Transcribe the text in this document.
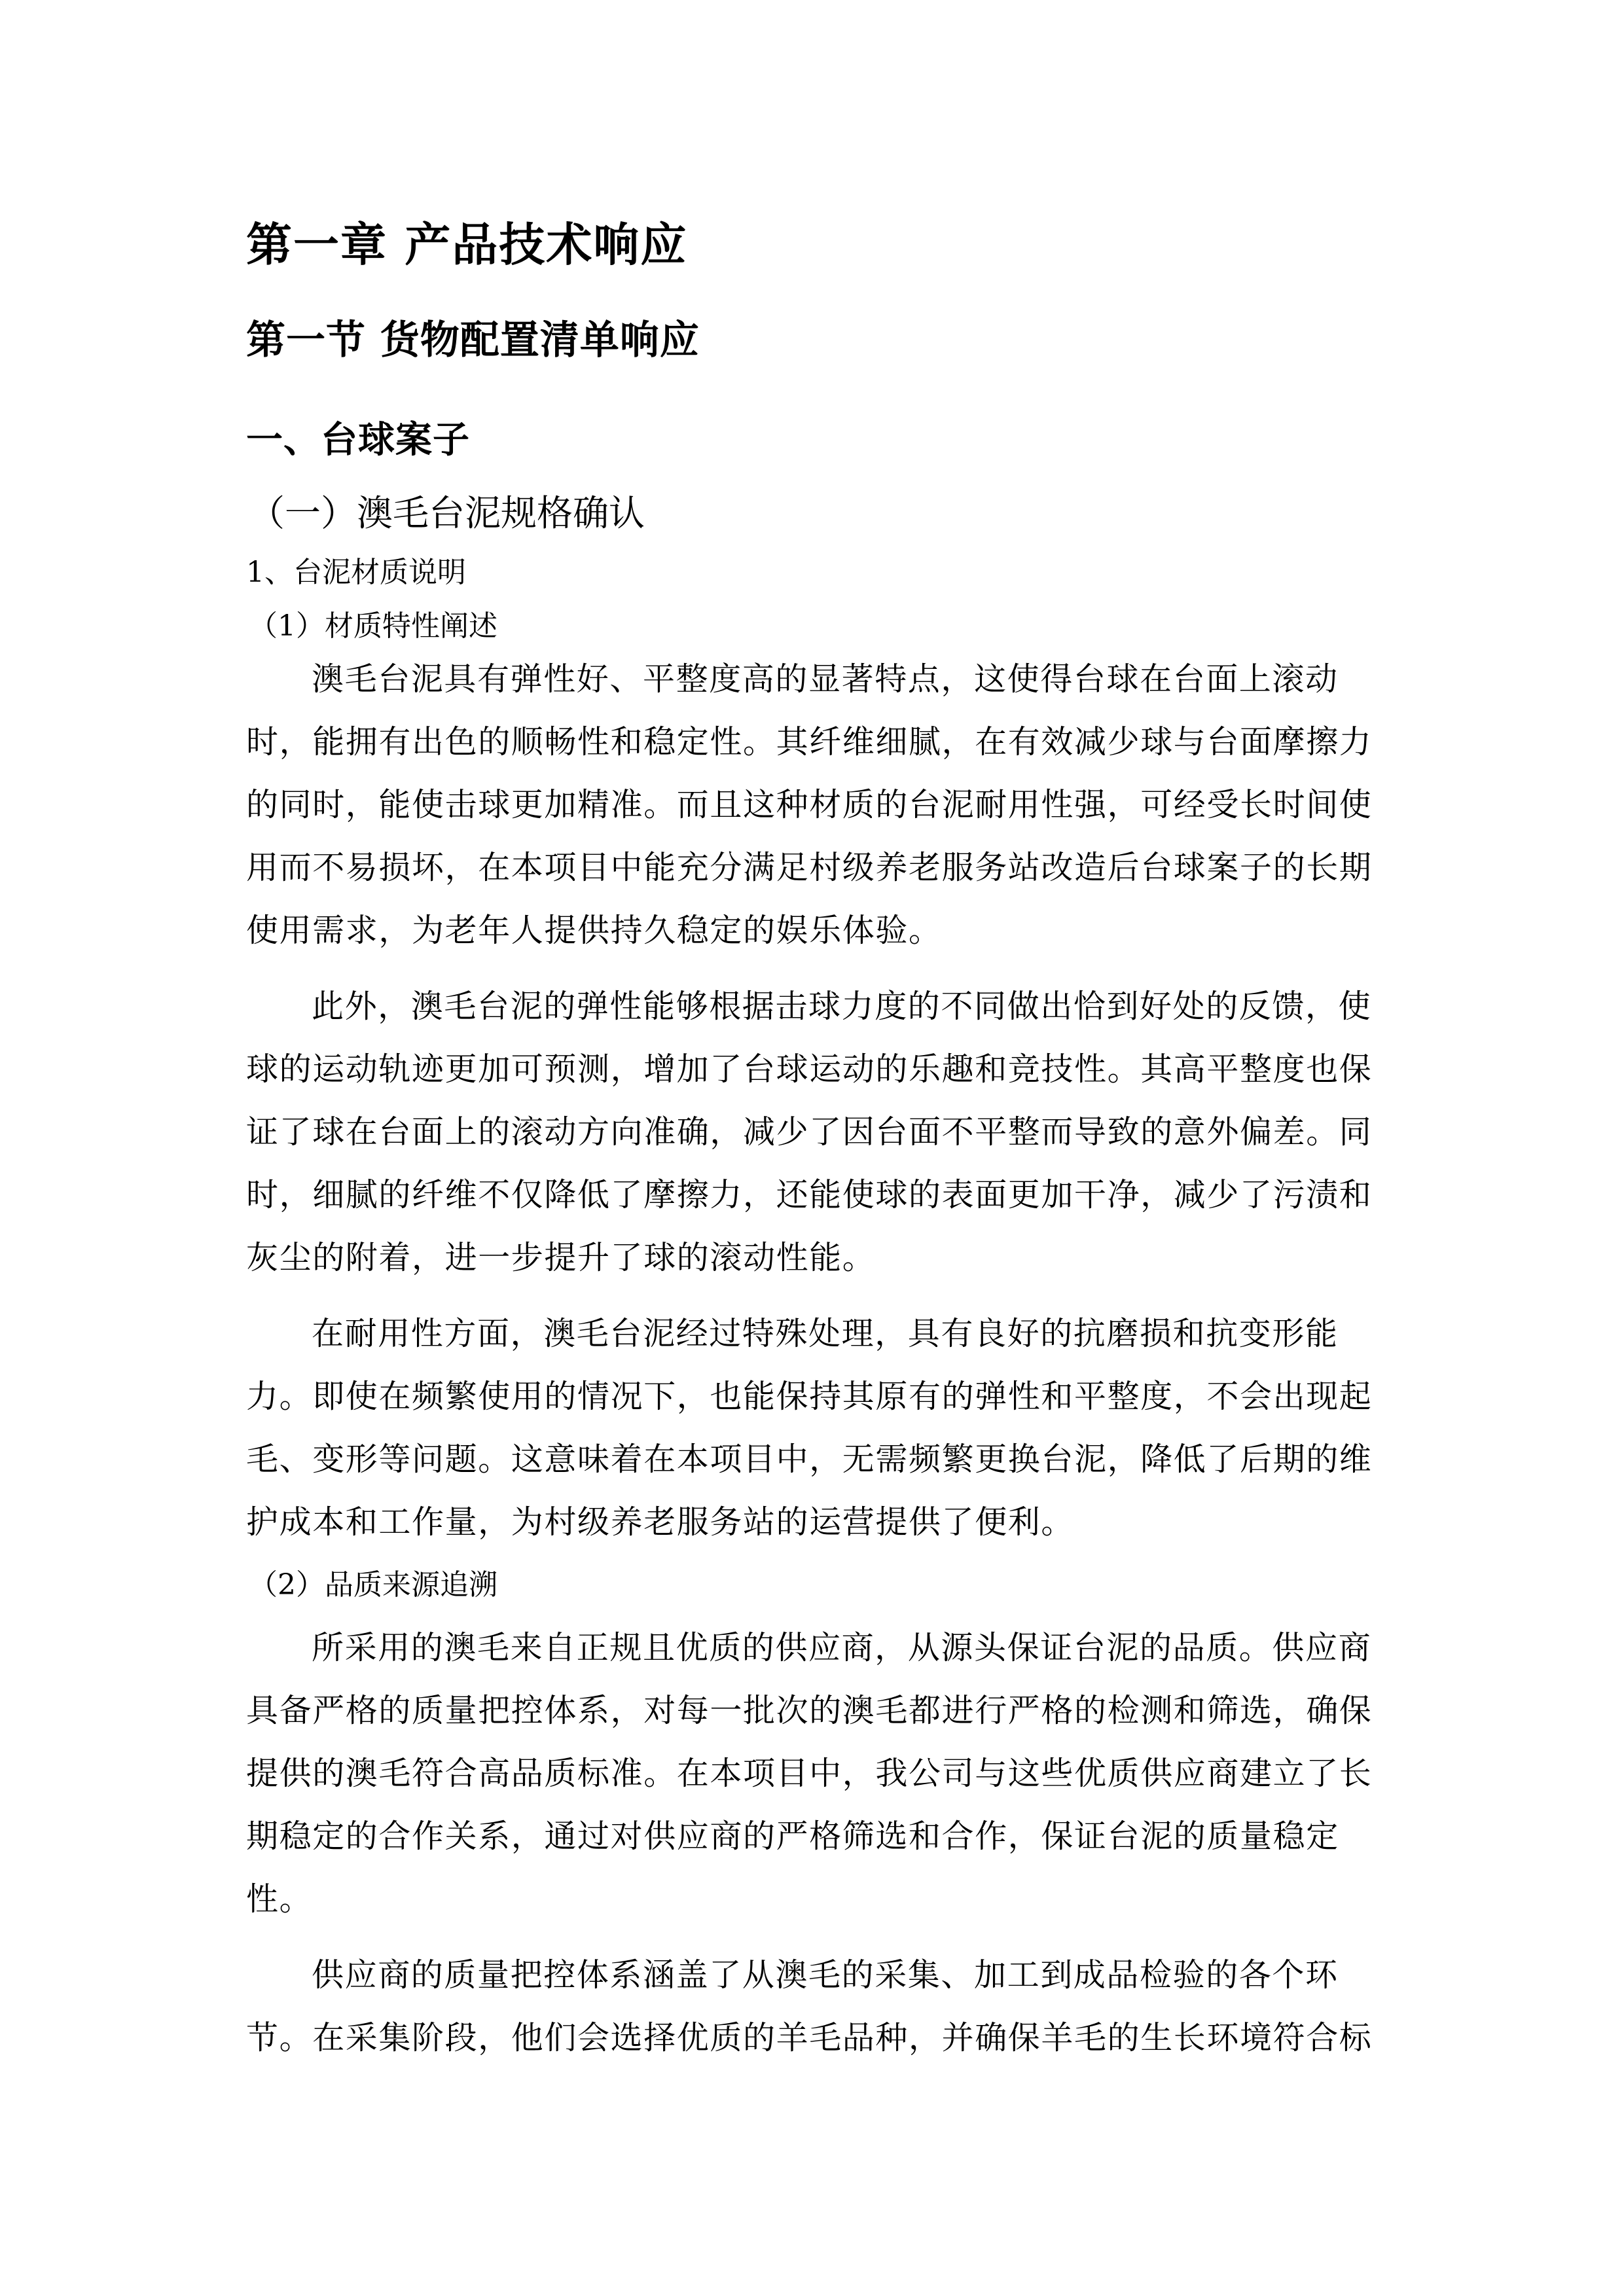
第一章 产品技术响应
第一节 货物配置清单响应
一、台球案子
（一）澳毛台泥规格确认
1、台泥材质说明
（1）材质特性阐述
澳毛台泥具有弹性好、平整度高的显著特点，这使得台球在台面上滚动
时，能拥有出色的顺畅性和稳定性。其纤维细腻，在有效减少球与台面摩擦力
的同时，能使击球更加精准。而且这种材质的台泥耐用性强，可经受长时间使
用而不易损坏，在本项目中能充分满足村级养老服务站改造后台球案子的长期
使用需求，为老年人提供持久稳定的娱乐体验。
此外，澳毛台泥的弹性能够根据击球力度的不同做出恰到好处的反馈，使
球的运动轨迹更加可预测，增加了台球运动的乐趣和竞技性。其高平整度也保
证了球在台面上的滚动方向准确，减少了因台面不平整而导致的意外偏差。同
时，细腻的纤维不仅降低了摩擦力，还能使球的表面更加干净，减少了污渍和
灰尘的附着，进一步提升了球的滚动性能。
在耐用性方面，澳毛台泥经过特殊处理，具有良好的抗磨损和抗变形能
力。即使在频繁使用的情况下，也能保持其原有的弹性和平整度，不会出现起
毛、变形等问题。这意味着在本项目中，无需频繁更换台泥，降低了后期的维
护成本和工作量，为村级养老服务站的运营提供了便利。
（2）品质来源追溯
所采用的澳毛来自正规且优质的供应商，从源头保证台泥的品质。供应商
具备严格的质量把控体系，对每一批次的澳毛都进行严格的检测和筛选，确保
提供的澳毛符合高品质标准。在本项目中，我公司与这些优质供应商建立了长
期稳定的合作关系，通过对供应商的严格筛选和合作，保证台泥的质量稳定
性。
供应商的质量把控体系涵盖了从澳毛的采集、加工到成品检验的各个环
节。在采集阶段，他们会选择优质的羊毛品种，并确保羊毛的生长环境符合标
